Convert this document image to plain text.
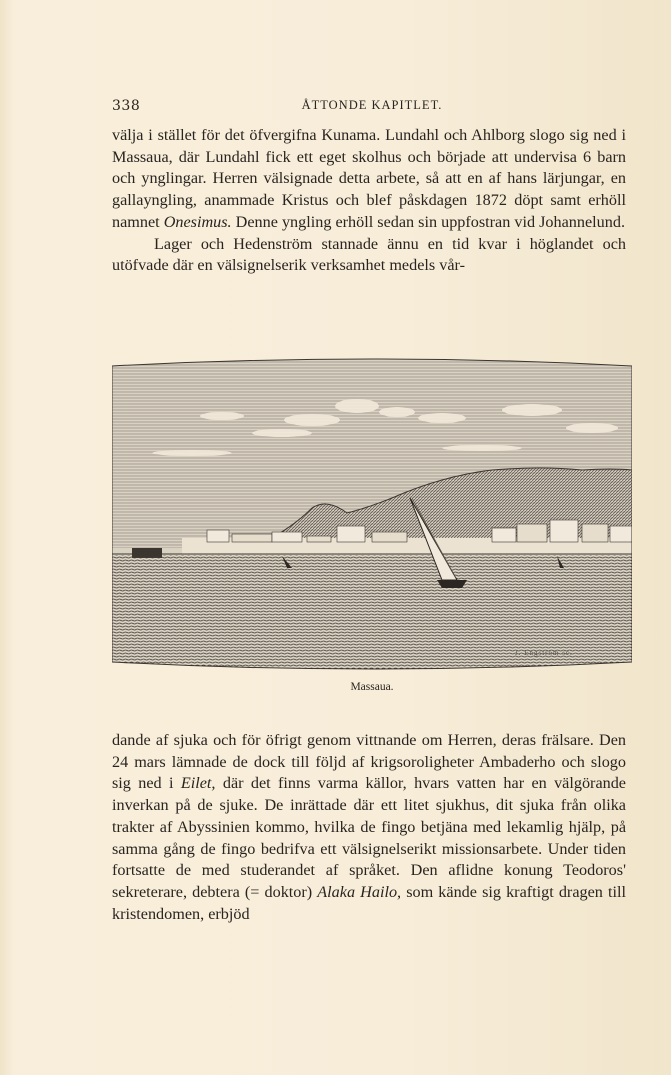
338	ÅTTONDE KAPITLET.

välja i stället för det öfvergifna Kunama. Lundahl och Ahlborg slogo sig ned i Massaua, där Lundahl fick ett eget skolhus och började att undervisa 6 barn och ynglingar. Herren välsignade detta arbete, så att en af hans lärjungar, en gallayngling, anammade Kristus och blef påskdagen 1872 döpt samt erhöll namnet Onesimus. Denne yngling erhöll sedan sin uppfostran vid Johannelund.

Lager och Hedenström stannade ännu en tid kvar i höglandet och utöfvade där en välsignelserik verksamhet medels vår-

J. Engström sc.
Massaua.

dande af sjuka och för öfrigt genom vittnande om Herren, deras frälsare. Den 24 mars lämnade de dock till följd af krigsoroligheter Ambaderho och slogo sig ned i Eilet, där det finns varma källor, hvars vatten har en välgörande inverkan på de sjuke. De inrättade där ett litet sjukhus, dit sjuka från olika trakter af Abyssinien kommo, hvilka de fingo betjäna med lekamlig hjälp, på samma gång de fingo bedrifva ett välsignelserikt missionsarbete. Under tiden fortsatte de med studerandet af språket. Den aflidne konung Teodoros' sekreterare, debtera (= doktor) Alaka Hailo, som kände sig kraftigt dragen till kristendomen, erbjöd
